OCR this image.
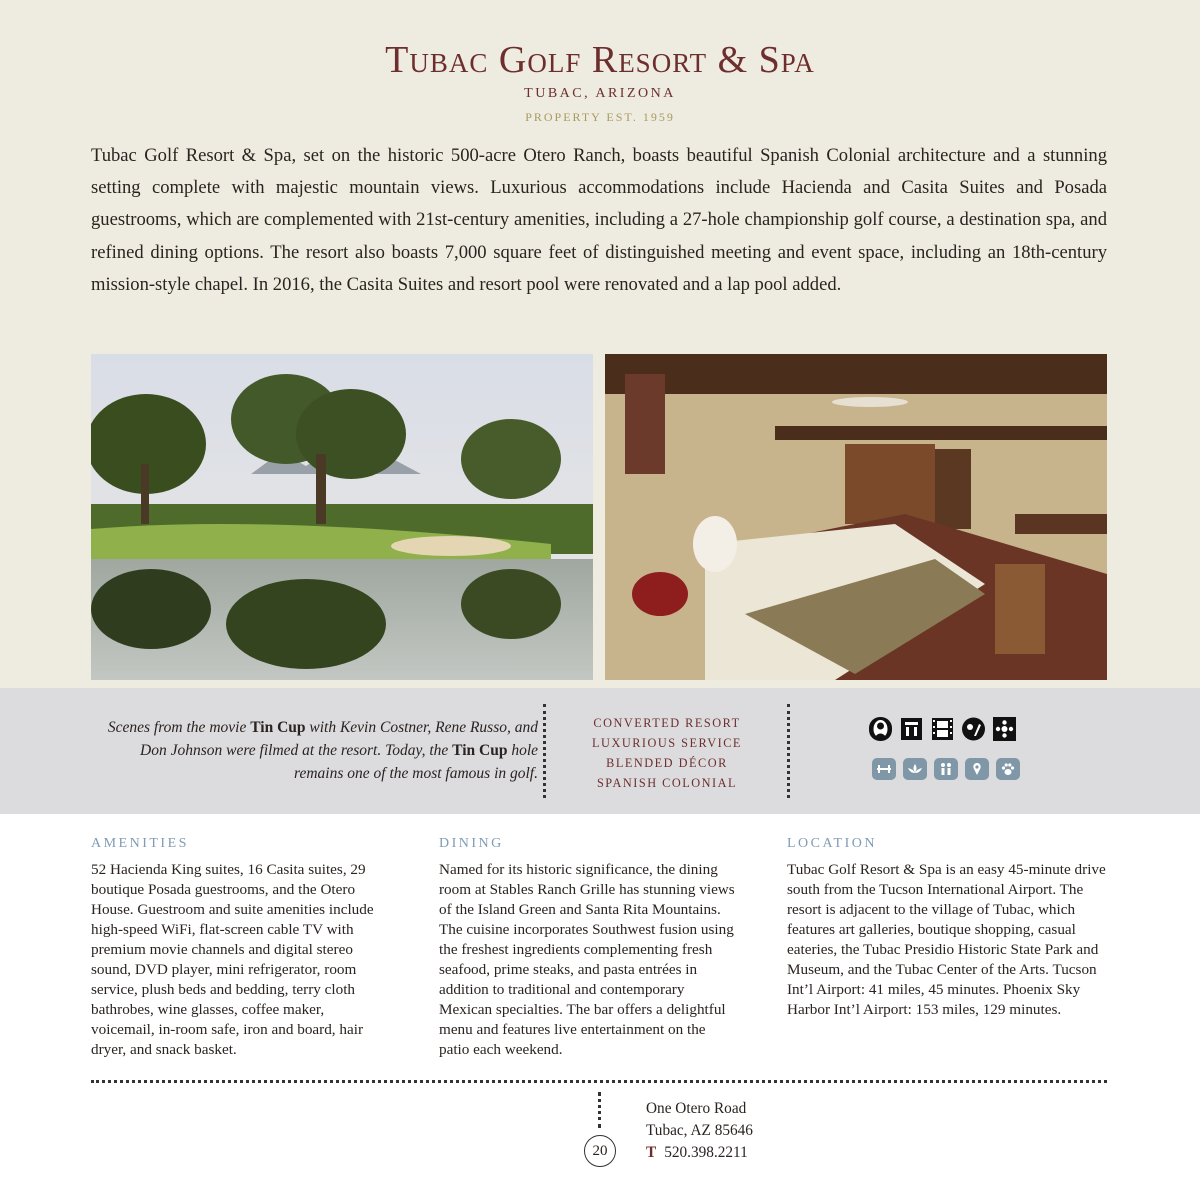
Tubac Golf Resort & Spa
TUBAC, ARIZONA
PROPERTY EST. 1959
Tubac Golf Resort & Spa, set on the historic 500-acre Otero Ranch, boasts beautiful Spanish Colonial architecture and a stunning setting complete with majestic mountain views. Luxurious accommodations include Hacienda and Casita Suites and Posada guestrooms, which are complemented with 21st-century amenities, including a 27-hole championship golf course, a destination spa, and refined dining options. The resort also boasts 7,000 square feet of distinguished meeting and event space, including an 18th-century mission-style chapel. In 2016, the Casita Suites and resort pool were renovated and a lap pool added.
Scenes from the movie Tin Cup with Kevin Costner, Rene Russo, and Don Johnson were filmed at the resort. Today, the Tin Cup hole remains one of the most famous in golf.
CONVERTED RESORT
LUXURIOUS SERVICE
BLENDED DÉCOR
SPANISH COLONIAL
AMENITIES

52 Hacienda King suites, 16 Casita suites, 29 boutique Posada guestrooms, and the Otero House. Guestroom and suite amenities include high-speed WiFi, flat-screen cable TV with premium movie channels and digital stereo sound, DVD player, mini refrigerator, room service, plush beds and bedding, terry cloth bathrobes, wine glasses, coffee maker, voicemail, in-room safe, iron and board, hair dryer, and snack basket.

DINING

Named for its historic significance, the dining room at Stables Ranch Grille has stunning views of the Island Green and Santa Rita Mountains. The cuisine incorporates Southwest fusion using the freshest ingredients complementing fresh seafood, prime steaks, and pasta entrées in addition to traditional and contemporary Mexican specialties. The bar offers a delightful menu and features live entertainment on the patio each weekend.

LOCATION

Tubac Golf Resort & Spa is an easy 45-minute drive south from the Tucson International Airport. The resort is adjacent to the village of Tubac, which features art galleries, boutique shopping, casual eateries, the Tubac Presidio Historic State Park and Museum, and the Tubac Center of the Arts. Tucson Int’l Airport: 41 miles, 45 minutes. Phoenix Sky Harbor Int’l Airport: 153 miles, 129 minutes.

20
One Otero Road
Tubac, AZ 85646
T 520.398.2211
